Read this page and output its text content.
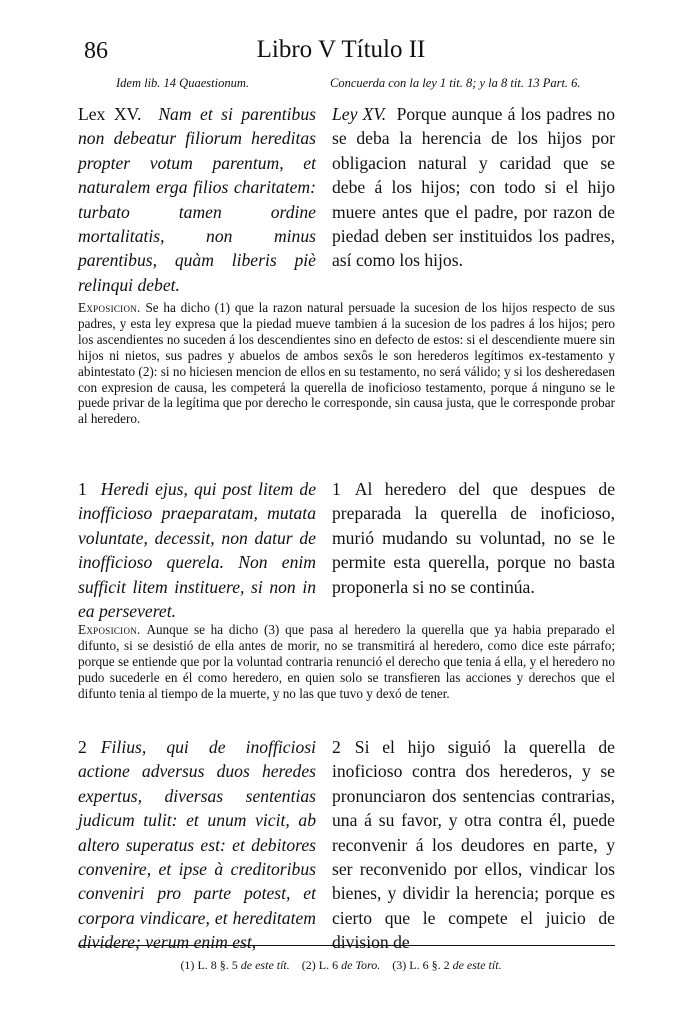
86	Libro V Título II
Idem lib. 14 Quaestionum.	Concuerda con la ley 1 tit. 8; y la 8 tit. 13 Part. 6.

Lex XV. Nam et si parentibus non debeatur filiorum hereditas propter votum parentum, et naturalem erga filios charitatem: turbato tamen ordine mortalitatis, non minus parentibus, quàm liberis piè relinqui debet.

Ley XV. Porque aunque á los padres no se deba la herencia de los hijos por obligacion natural y caridad que se debe á los hijos; con todo si el hijo muere antes que el padre, por razon de piedad deben ser instituidos los padres, así como los hijos.

Exposicion. Se ha dicho (1) que la razon natural persuade la sucesion de los hijos respecto de sus padres, y esta ley expresa que la piedad mueve tambien á la sucesion de los padres á los hijos; pero los ascendientes no suceden á los descendientes sino en defecto de estos: si el descendiente muere sin hijos ni nietos, sus padres y abuelos de ambos sexôs le son herederos legítimos ex-testamento y abintestato (2): si no hiciesen mencion de ellos en su testamento, no será válido; y si los desheredasen con expresion de causa, les competerá la querella de inoficioso testamento, porque á ninguno se le puede privar de la legítima que por derecho le corresponde, sin causa justa, que le corresponde probar al heredero.

1 Heredi ejus, qui post litem de inofficioso praeparatam, mutata voluntate, decessit, non datur de inofficioso querela. Non enim sufficit litem instituere, si non in ea perseveret.

1 Al heredero del que despues de preparada la querella de inoficioso, murió mudando su voluntad, no se le permite esta querella, porque no basta proponerla si no se continúa.

Exposicion. Aunque se ha dicho (3) que pasa al heredero la querella que ya habia preparado el difunto, si se desistió de ella antes de morir, no se transmitirá al heredero, como dice este párrafo; porque se entiende que por la voluntad contraria renunció el derecho que tenia á ella, y el heredero no pudo sucederle en él como heredero, en quien solo se transfieren las acciones y derechos que el difunto tenia al tiempo de la muerte, y no las que tuvo y dexó de tener.

2 Filius, qui de inofficiosi actione adversus duos heredes expertus, diversas sententias judicum tulit: et unum vicit, ab altero superatus est: et debitores convenire, et ipse à creditoribus conveniri pro parte potest, et corpora vindicare, et hereditatem dividere; verum enim est,

2 Si el hijo siguió la querella de inoficioso contra dos herederos, y se pronunciaron dos sentencias contrarias, una á su favor, y otra contra él, puede reconvenir á los deudores en parte, y ser reconvenido por ellos, vindicar los bienes, y dividir la herencia; porque es cierto que le compete el juicio de division de

(1) L. 8 §. 5 de este tít. (2) L. 6 de Toro. (3) L. 6 §. 2 de este tít.
